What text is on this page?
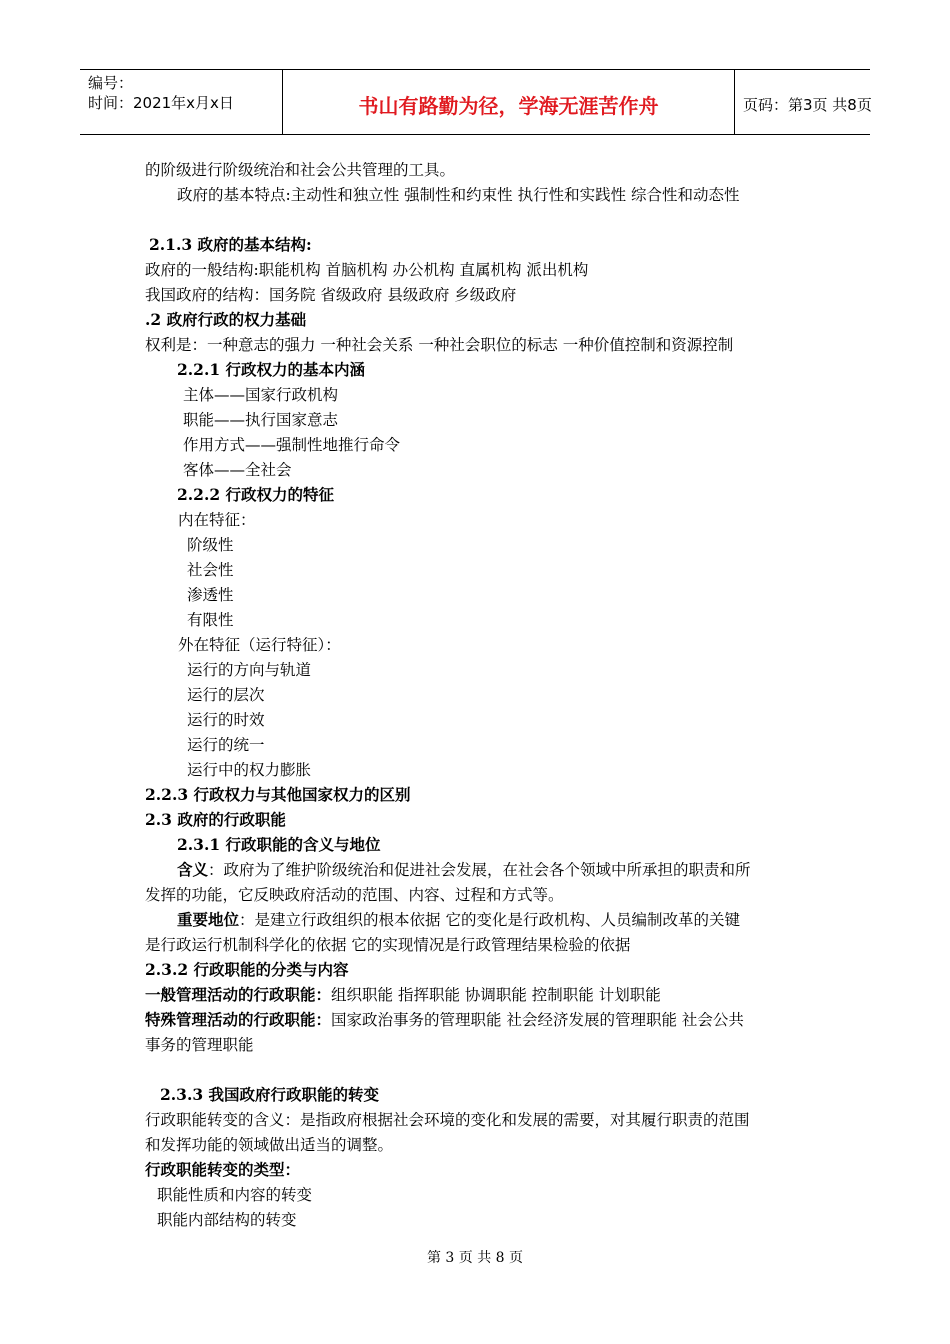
编号：
时间：2021年x月x日	书山有路勤为径，学海无涯苦作舟	页码：第3页 共8页
的阶级进行阶级统治和社会公共管理的工具。
政府的基本特点:主动性和独立性 强制性和约束性 执行性和实践性 综合性和动态性
2.1.3 政府的基本结构:
政府的一般结构:职能机构 首脑机构 办公机构 直属机构 派出机构
我国政府的结构：国务院 省级政府 县级政府 乡级政府
.2 政府行政的权力基础
权利是：一种意志的强力 一种社会关系 一种社会职位的标志 一种价值控制和资源控制
2.2.1 行政权力的基本内涵
主体——国家行政机构
职能——执行国家意志
作用方式——强制性地推行命令
客体——全社会
2.2.2 行政权力的特征
内在特征：
阶级性
社会性
渗透性
有限性
外在特征（运行特征）：
运行的方向与轨道
运行的层次
运行的时效
运行的统一
运行中的权力膨胀
2.2.3 行政权力与其他国家权力的区别
2.3 政府的行政职能
2.3.1 行政职能的含义与地位
含义：政府为了维护阶级统治和促进社会发展，在社会各个领域中所承担的职责和所
发挥的功能，它反映政府活动的范围、内容、过程和方式等。
重要地位：是建立行政组织的根本依据 它的变化是行政机构、人员编制改革的关键
是行政运行机制科学化的依据 它的实现情况是行政管理结果检验的依据
2.3.2 行政职能的分类与内容
一般管理活动的行政职能：组织职能 指挥职能 协调职能 控制职能 计划职能
特殊管理活动的行政职能：国家政治事务的管理职能 社会经济发展的管理职能 社会公共
事务的管理职能
2.3.3 我国政府行政职能的转变
行政职能转变的含义：是指政府根据社会环境的变化和发展的需要，对其履行职责的范围
和发挥功能的领域做出适当的调整。
行政职能转变的类型：
职能性质和内容的转变
职能内部结构的转变
第 3 页 共 8 页
